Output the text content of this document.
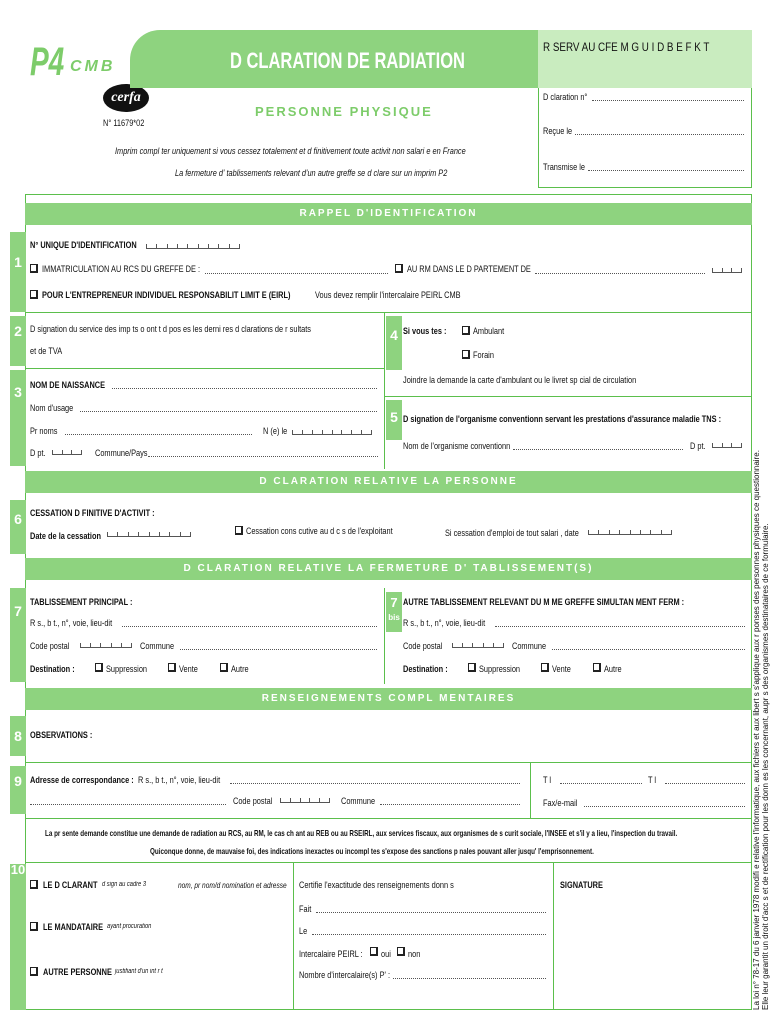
P4 CMB
cerfa
N° 11679*02
D CLARATION DE RADIATION
PERSONNE PHYSIQUE
Imprim compl ter uniquement si vous cessez totalement et d finitivement toute activit non salari e en France
La fermeture d' tablissements relevant d'un autre greffe se d clare sur un imprim P2
R SERV AU CFE M G U I D B E F K T
D claration n°
Reçue le
Transmise le
RAPPEL D'IDENTIFICATION
1
N° UNIQUE D'IDENTIFICATION
IMMATRICULATION AU RCS DU GREFFE DE :	AU RM DANS LE D PARTEMENT DE
POUR L'ENTREPRENEUR INDIVIDUEL RESPONSABILIT LIMIT E (EIRL)	Vous devez remplir l'intercalaire PEIRL CMB
2 D signation du service des imp ts o ont t d pos es les derni res d clarations de r sultats
et de TVA
3 NOM DE NAISSANCE
Nom d'usage
Pr noms	N (e) le
D pt.	Commune/Pays
4 Si vous tes :	Ambulant
Forain
Joindre la demande la carte d'ambulant ou le livret sp cial de circulation
5 D signation de l'organisme conventionn servant les prestations d'assurance maladie TNS :
Nom de l'organisme conventionn	D pt.
D CLARATION RELATIVE LA PERSONNE
6 CESSATION D FINITIVE D'ACTIVIT :
Date de la cessation	Cessation cons cutive au d c s de l'exploitant	Si cessation d'emploi de tout salari , date
D CLARATION RELATIVE LA FERMETURE D' TABLISSEMENT(S)
7
TABLISSEMENT PRINCIPAL :
R s., b t., n°, voie, lieu-dit
Code postal	Commune
Destination :	Suppression	Vente	Autre
7

bis
AUTRE TABLISSEMENT RELEVANT DU M ME GREFFE SIMULTAN MENT FERM :
R s., b t., n°, voie, lieu-dit
Code postal	Commune
Destination :	Suppression	Vente	Autre
RENSEIGNEMENTS COMPL MENTAIRES
8 OBSERVATIONS :
9 Adresse de correspondance : R s., b t., n°, voie, lieu-dit
Code postal	Commune
T l	T l
Fax/e-mail
La pr sente demande constitue une demande de radiation au RCS, au RM, le cas ch ant au REB ou au RSEIRL, aux services fiscaux, aux organismes de s curit sociale, l'INSEE et s'il y a lieu, l'inspection du travail.
Quiconque donne, de mauvaise foi, des indications inexactes ou incompl tes s'expose des sanctions p nales pouvant aller jusqu' l'emprisonnement.
10
LE D CLARANT d sign au cadre 3	nom, pr nom/d nomination et adresse
LE MANDATAIRE ayant procuration
AUTRE PERSONNE justifiant d'un int r t
Certifie l'exactitude des renseignements donn s
Fait
Le
Intercalaire PEIRL : oui non
Nombre d'intercalaire(s) P' :
SIGNATURE	La loi n° 78-17 du 6 janvier 1978 modifi e relative l'informatique, aux fichiers et aux libert s s'applique aux r ponses des personnes physiques ce questionnaire. Elle leur garantit un droit d'acc s et de rectification pour les donn es les concernant, aupr s des organismes destinataires de ce formulaire.
